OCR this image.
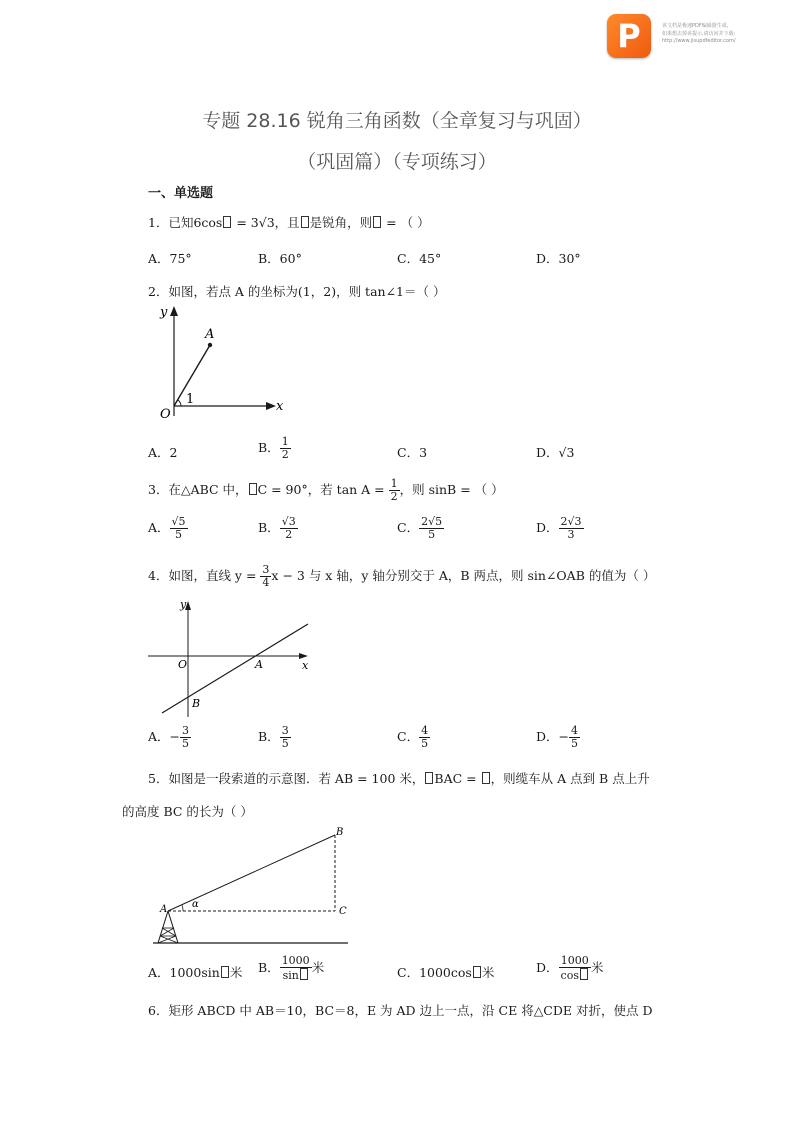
P	该文档是极速PDF编辑器生成,
如果想去掉该提示,请访问并下载:
http://www.jisupdfeditor.com/
专题 28.16 锐角三角函数（全章复习与巩固）
（巩固篇）（专项练习）
一、单选题
1．已知6cos = 3√3，且 是锐角，则 = （ ）
A．75°	B．60°	C．45°	D．30°
2．如图，若点 A 的坐标为(1，2)，则 tan∠1＝（ ）
y
x
O
A
1
A．2	B． $\frac{1}{2}$	C．3	D．√3
3．在△ABC 中， C = 90°，若 $\tan A = \frac{1}{2}$ ，则 sinB = （ ）
A． $\frac{√5}{5}$	B． $\frac{√3}{2}$	C． $\frac{2√5}{5}$	D． $\frac{2√3}{3}$
4．如图，直线 $y = \frac{3}{4}$ x − 3 与 x 轴，y 轴分别交于 A，B 两点，则 sin∠OAB 的值为（ ）
y
x
O	A
B
A．− $\frac{3}{5}$	B． $\frac{3}{5}$	C． $\frac{4}{5}$	D．− $\frac{4}{5}$
5．如图是一段索道的示意图．若 AB = 100 米， BAC = ，则缆车从 A 点到 B 点上升
的高度 BC 的长为（ ）
A
B
C
α
A．1000sin 米 B． $\frac{1000}{\sin}$ 米	C．1000cos 米	D． $\frac{1000}{\cos}$ 米
6．矩形 ABCD 中 AB＝10，BC＝8，E 为 AD 边上一点，沿 CE 将△CDE 对折，使点 D
